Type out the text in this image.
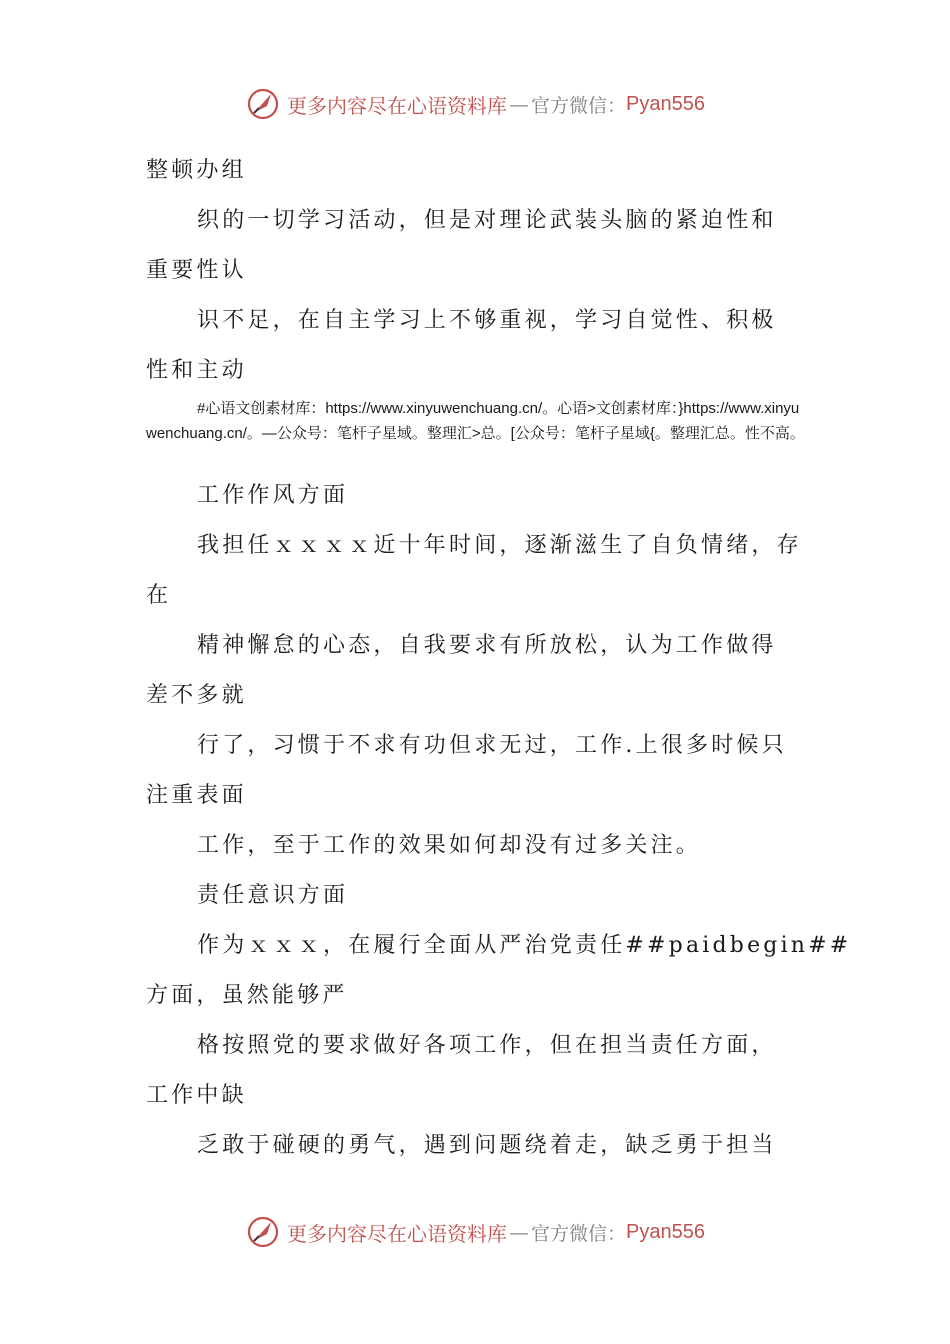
更多内容尽在心语资料库 — 官方微信： Pyan556
整顿办组
织的一切学习活动，但是对理论武装头脑的紧迫性和
重要性认
识不足，在自主学习上不够重视，学习自觉性、积极
性和主动

#心语文创素材库：https://www.xinyuwenchuang.cn/。心语>文创素材库：}https://www.xinyuwenchuang.cn/。—公众号：笔杆子星域。整理汇>总。[公众号：笔杆子星域{。整理汇总。性不高。

工作作风方面
我担任ｘｘｘｘ近十年时间，逐渐滋生了自负情绪，存
在
精神懈怠的心态，自我要求有所放松，认为工作做得
差不多就
行了，习惯于不求有功但求无过，工作.上很多时候只
注重表面
工作，至于工作的效果如何却没有过多关注。
责任意识方面
作为ｘｘｘ，在履行全面从严治党责任##paidbegin##
方面，虽然能够严
格按照党的要求做好各项工作，但在担当责任方面，
工作中缺
乏敢于碰硬的勇气，遇到问题绕着走，缺乏勇于担当
更多内容尽在心语资料库 — 官方微信： Pyan556
